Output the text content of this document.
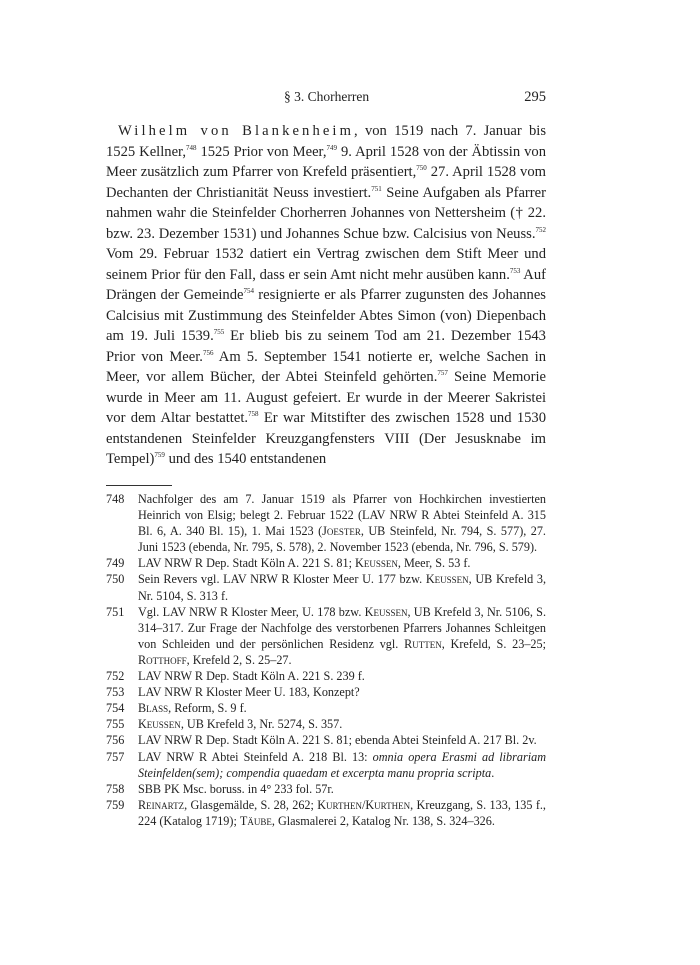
§ 3. Chorherren	295

Wilhelm von Blankenheim, von 1519 nach 7. Januar bis 1525 Kellner,$^{748}$ 1525 Prior von Meer,$^{749}$ 9. April 1528 von der Äbtissin von Meer zusätzlich zum Pfarrer von Krefeld präsentiert,$^{750}$ 27. April 1528 vom Dechanten der Christianität Neuss investiert.$^{751}$ Seine Aufgaben als Pfarrer nahmen wahr die Steinfelder Chorherren Johannes von Nettersheim († 22. bzw. 23. Dezember 1531) und Johannes Schue bzw. Calcisius von Neuss.$^{752}$ Vom 29. Februar 1532 datiert ein Vertrag zwischen dem Stift Meer und seinem Prior für den Fall, dass er sein Amt nicht mehr ausüben kann.$^{753}$ Auf Drängen der Gemeinde$^{754}$ resignierte er als Pfarrer zugunsten des Johannes Calcisius mit Zustimmung des Steinfelder Abtes Simon (von) Diepenbach am 19. Juli 1539.$^{755}$ Er blieb bis zu seinem Tod am 21. Dezember 1543 Prior von Meer.$^{756}$ Am 5. September 1541 notierte er, welche Sachen in Meer, vor allem Bücher, der Abtei Steinfeld gehörten.$^{757}$ Seine Memorie wurde in Meer am 11. August gefeiert. Er wurde in der Meerer Sakristei vor dem Altar bestattet.$^{758}$ Er war Mitstifter des zwischen 1528 und 1530 entstandenen Steinfelder Kreuzgangfensters VIII (Der Jesusknabe im Tempel)$^{759}$ und des 1540 entstandenen

748	Nachfolger des am 7. Januar 1519 als Pfarrer von Hochkirchen investierten Heinrich von Elsig; belegt 2. Februar 1522 (LAV NRW R Abtei Steinfeld A. 315 Bl. 6, A. 340 Bl. 15), 1. Mai 1523 (Joester, UB Steinfeld, Nr. 794, S. 577), 27. Juni 1523 (ebenda, Nr. 795, S. 578), 2. November 1523 (ebenda, Nr. 796, S. 579).
749	LAV NRW R Dep. Stadt Köln A. 221 S. 81; Keussen, Meer, S. 53 f.
750	Sein Revers vgl. LAV NRW R Kloster Meer U. 177 bzw. Keussen, UB Krefeld 3, Nr. 5104, S. 313 f.
751	Vgl. LAV NRW R Kloster Meer, U. 178 bzw. Keussen, UB Krefeld 3, Nr. 5106, S. 314–317. Zur Frage der Nachfolge des verstorbenen Pfarrers Johannes Schleitgen von Schleiden und der persönlichen Residenz vgl. Rutten, Krefeld, S. 23–25; Rotthoff, Krefeld 2, S. 25–27.
752	LAV NRW R Dep. Stadt Köln A. 221 S. 239 f.
753	LAV NRW R Kloster Meer U. 183, Konzept?
754	Blass, Reform, S. 9 f.
755	Keussen, UB Krefeld 3, Nr. 5274, S. 357.
756	LAV NRW R Dep. Stadt Köln A. 221 S. 81; ebenda Abtei Steinfeld A. 217 Bl. 2v.
757	LAV NRW R Abtei Steinfeld A. 218 Bl. 13: omnia opera Erasmi ad librariam Steinfelden(sem); compendia quaedam et excerpta manu propria scripta.
758	SBB PK Msc. boruss. in 4° 233 fol. 57r.
759	Reinartz, Glasgemälde, S. 28, 262; Kurthen/Kurthen, Kreuzgang, S. 133, 135 f., 224 (Katalog 1719); Täube, Glasmalerei 2, Katalog Nr. 138, S. 324–326.
